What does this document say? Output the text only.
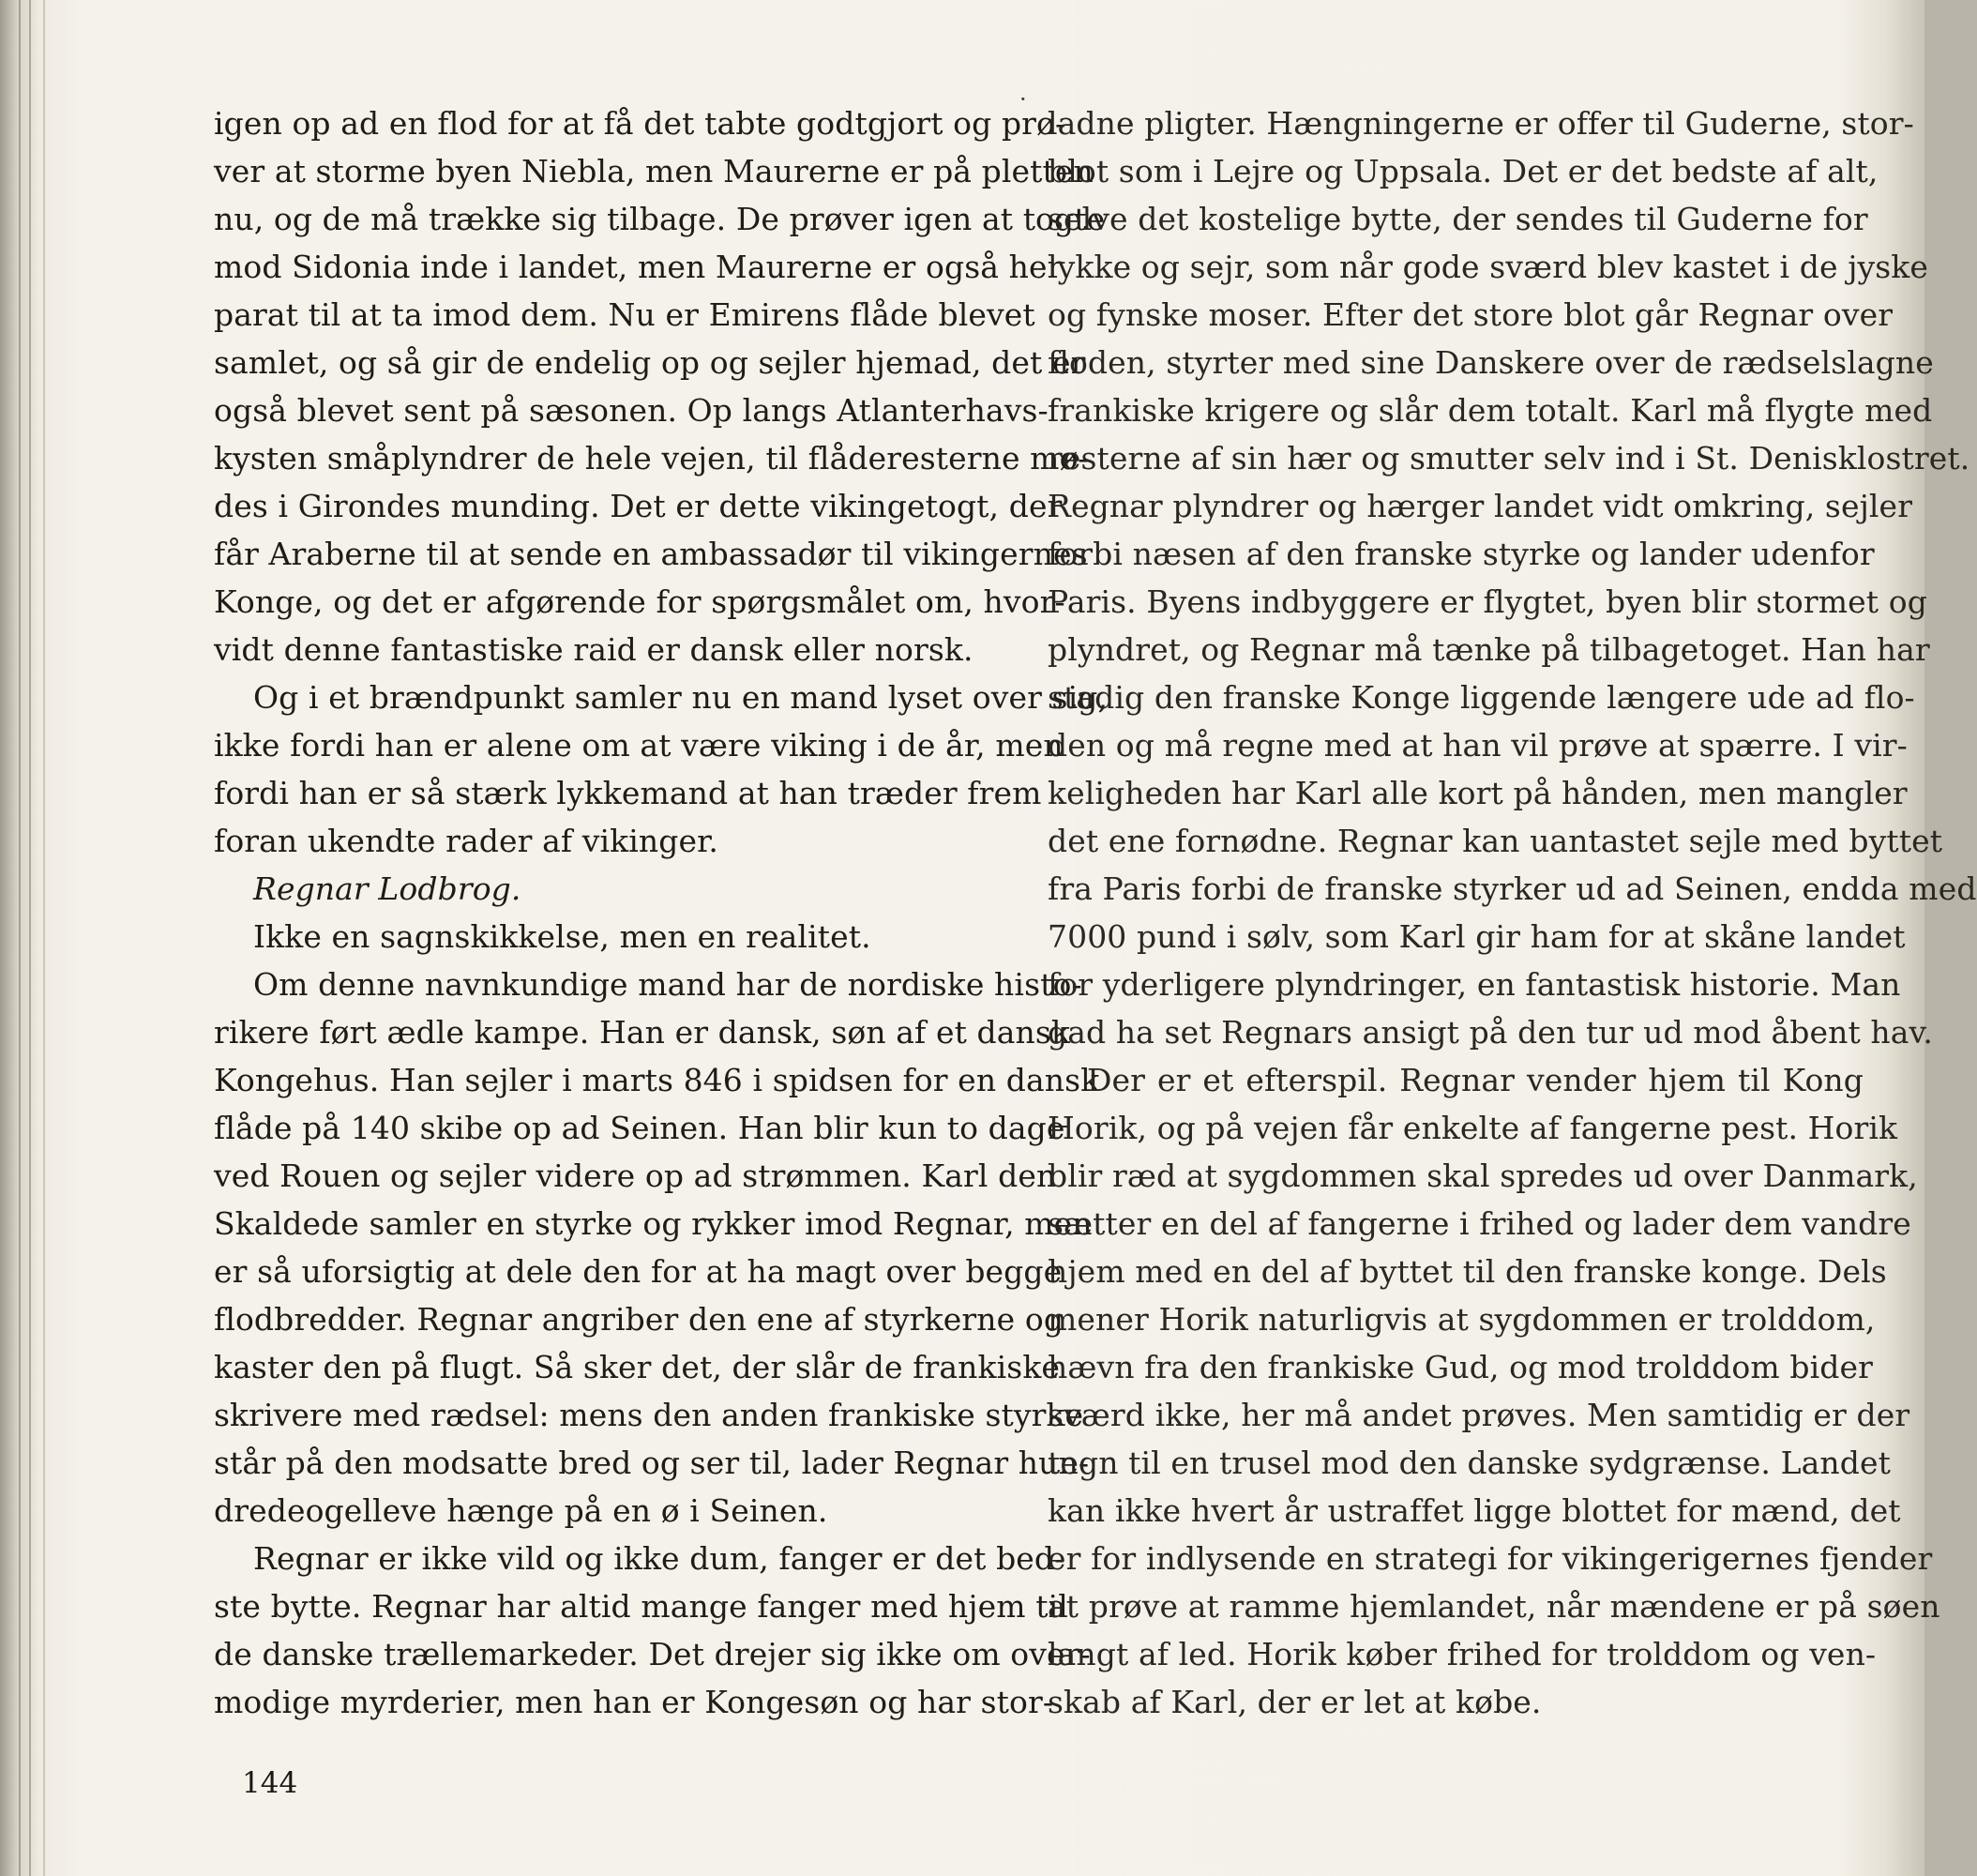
igen op ad en flod for at få det tabte godtgjort og prø-
ver at storme byen Niebla, men Maurerne er på pletten
nu, og de må trække sig tilbage. De prøver igen at togte
mod Sidonia inde i landet, men Maurerne er også her
parat til at ta imod dem. Nu er Emirens flåde blevet
samlet, og så gir de endelig op og sejler hjemad, det er
også blevet sent på sæsonen. Op langs Atlanterhavs-
kysten småplyndrer de hele vejen, til flåderesterne mø-
des i Girondes munding. Det er dette vikingetogt, der
får Araberne til at sende en ambassadør til vikingernes
Konge, og det er afgørende for spørgsmålet om, hvor-
vidt denne fantastiske raid er dansk eller norsk.
Og i et brændpunkt samler nu en mand lyset over sig,
ikke fordi han er alene om at være viking i de år, men
fordi han er så stærk lykkemand at han træder frem
foran ukendte rader af vikinger.
Regnar Lodbrog.
Ikke en sagnskikkelse, men en realitet.
Om denne navnkundige mand har de nordiske histo-
rikere ført ædle kampe. Han er dansk, søn af et dansk
Kongehus. Han sejler i marts 846 i spidsen for en dansk
flåde på 140 skibe op ad Seinen. Han blir kun to dage
ved Rouen og sejler videre op ad strømmen. Karl den
Skaldede samler en styrke og rykker imod Regnar, men
er så uforsigtig at dele den for at ha magt over begge
flodbredder. Regnar angriber den ene af styrkerne og
kaster den på flugt. Så sker det, der slår de frankiske
skrivere med rædsel: mens den anden frankiske styrke
står på den modsatte bred og ser til, lader Regnar hun-
dredeogelleve hænge på en ø i Seinen.
Regnar er ikke vild og ikke dum, fanger er det bed-
ste bytte. Regnar har altid mange fanger med hjem til
de danske trællemarkeder. Det drejer sig ikke om over-
modige myrderier, men han er Kongesøn og har stor-
ladne pligter. Hængningerne er offer til Guderne, stor-
blot som i Lejre og Uppsala. Det er det bedste af alt,
selve det kostelige bytte, der sendes til Guderne for
lykke og sejr, som når gode sværd blev kastet i de jyske
og fynske moser. Efter det store blot går Regnar over
floden, styrter med sine Danskere over de rædselslagne
frankiske krigere og slår dem totalt. Karl må flygte med
resterne af sin hær og smutter selv ind i St. Denisklostret.
Regnar plyndrer og hærger landet vidt omkring, sejler
forbi næsen af den franske styrke og lander udenfor
Paris. Byens indbyggere er flygtet, byen blir stormet og
plyndret, og Regnar må tænke på tilbagetoget. Han har
stadig den franske Konge liggende længere ude ad flo-
den og må regne med at han vil prøve at spærre. I vir-
keligheden har Karl alle kort på hånden, men mangler
det ene fornødne. Regnar kan uantastet sejle med byttet
fra Paris forbi de franske styrker ud ad Seinen, endda med
7000 pund i sølv, som Karl gir ham for at skåne landet
for yderligere plyndringer, en fantastisk historie. Man
gad ha set Regnars ansigt på den tur ud mod åbent hav.
Der er et efterspil. Regnar vender hjem til Kong
Horik, og på vejen får enkelte af fangerne pest. Horik
blir ræd at sygdommen skal spredes ud over Danmark,
sætter en del af fangerne i frihed og lader dem vandre
hjem med en del af byttet til den franske konge. Dels
mener Horik naturligvis at sygdommen er trolddom,
hævn fra den frankiske Gud, og mod trolddom bider
sværd ikke, her må andet prøves. Men samtidig er der
tegn til en trusel mod den danske sydgrænse. Landet
kan ikke hvert år ustraffet ligge blottet for mænd, det
er for indlysende en strategi for vikingerigernes fjender
at prøve at ramme hjemlandet, når mændene er på søen
langt af led. Horik køber frihed for trolddom og ven-
skab af Karl, der er let at købe.
144
·
